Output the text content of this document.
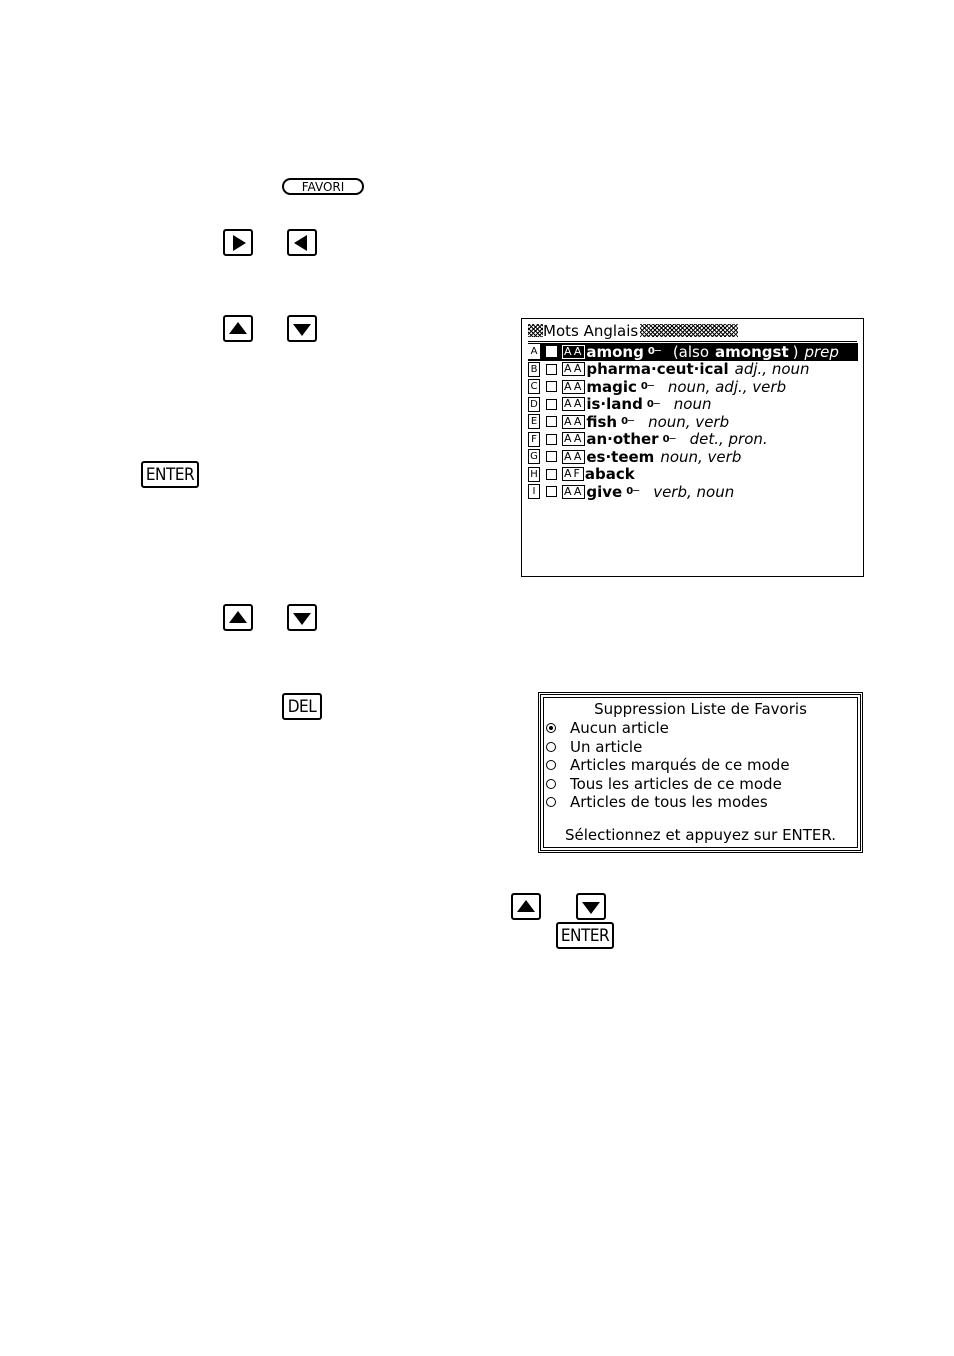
FAVORI
ENTER
DEL
ENTER
Mots Anglais
A AA among 0─ (also amongst ) prep
B AA pharma·ceut·ical adj., noun
C AA magic 0─ noun, adj., verb
D AA is·land 0─ noun
E AA fish 0─ noun, verb
F AA an·other 0─ det., pron.
G AA es·teem noun, verb
H AF aback
I	AA give 0─ verb, noun
Suppression Liste de Favoris
Aucun article
Un article
Articles marqués de ce mode
Tous les articles de ce mode
Articles de tous les modes
Sélectionnez et appuyez sur ENTER.
